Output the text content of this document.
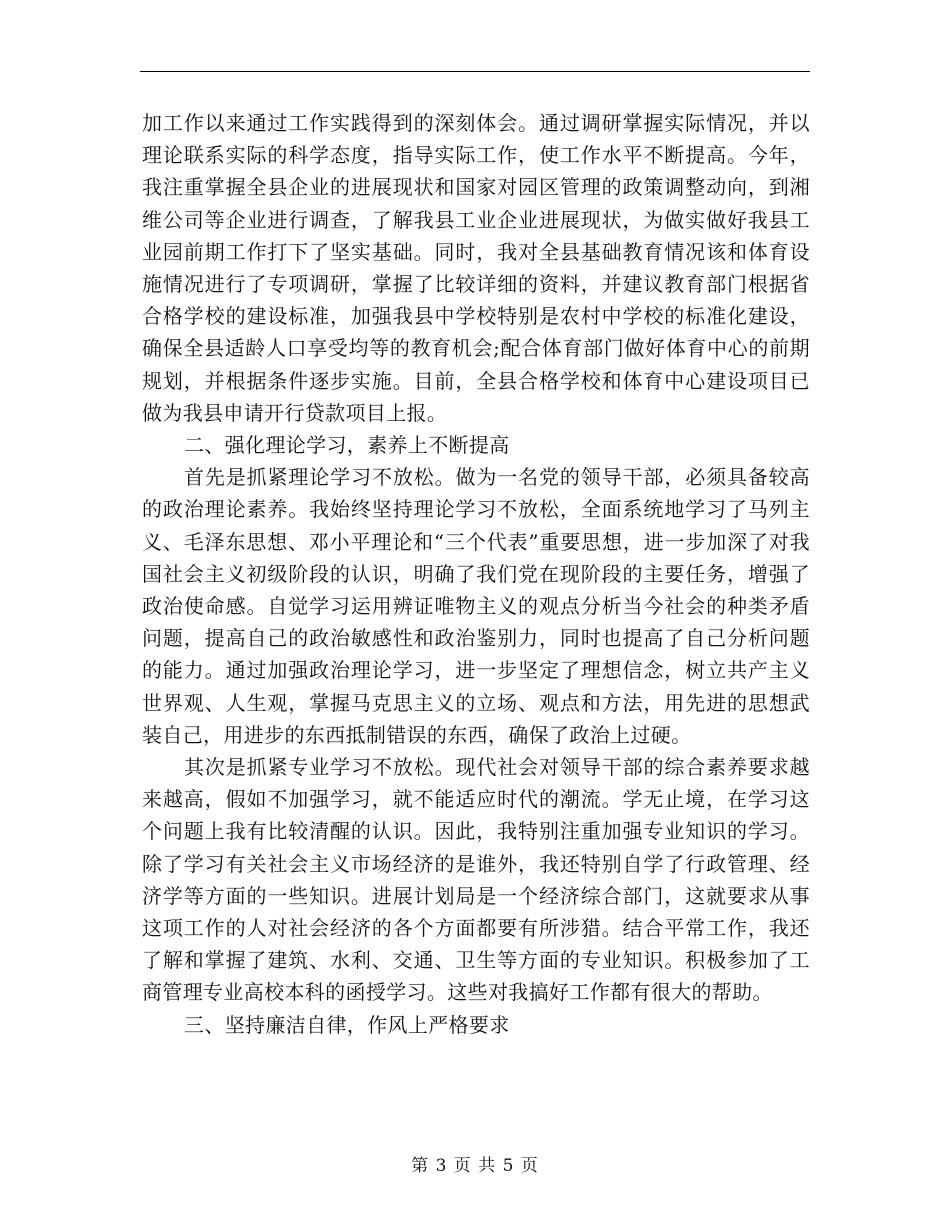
加工作以来通过工作实践得到的深刻体会。通过调研掌握实际情况，并以理论联系实际的科学态度，指导实际工作，使工作水平不断提高。今年，我注重掌握全县企业的进展现状和国家对园区管理的政策调整动向，到湘维公司等企业进行调查，了解我县工业企业进展现状，为做实做好我县工业园前期工作打下了坚实基础。同时，我对全县基础教育情况该和体育设施情况进行了专项调研，掌握了比较详细的资料，并建议教育部门根据省合格学校的建设标准，加强我县中学校特别是农村中学校的标准化建设，确保全县适龄人口享受均等的教育机会;配合体育部门做好体育中心的前期规划，并根据条件逐步实施。目前，全县合格学校和体育中心建设项目已做为我县申请开行贷款项目上报。

二、强化理论学习，素养上不断提高

首先是抓紧理论学习不放松。做为一名党的领导干部，必须具备较高的政治理论素养。我始终坚持理论学习不放松，全面系统地学习了马列主义、毛泽东思想、邓小平理论和“三个代表”重要思想，进一步加深了对我国社会主义初级阶段的认识，明确了我们党在现阶段的主要任务，增强了政治使命感。自觉学习运用辨证唯物主义的观点分析当今社会的种类矛盾问题，提高自己的政治敏感性和政治鉴别力，同时也提高了自己分析问题的能力。通过加强政治理论学习，进一步坚定了理想信念，树立共产主义世界观、人生观，掌握马克思主义的立场、观点和方法，用先进的思想武装自己，用进步的东西抵制错误的东西，确保了政治上过硬。

其次是抓紧专业学习不放松。现代社会对领导干部的综合素养要求越来越高，假如不加强学习，就不能适应时代的潮流。学无止境，在学习这个问题上我有比较清醒的认识。因此，我特别注重加强专业知识的学习。除了学习有关社会主义市场经济的是谁外，我还特别自学了行政管理、经济学等方面的一些知识。进展计划局是一个经济综合部门，这就要求从事这项工作的人对社会经济的各个方面都要有所涉猎。结合平常工作，我还了解和掌握了建筑、水利、交通、卫生等方面的专业知识。积极参加了工商管理专业高校本科的函授学习。这些对我搞好工作都有很大的帮助。

三、坚持廉洁自律，作风上严格要求

第 3 页 共 5 页
